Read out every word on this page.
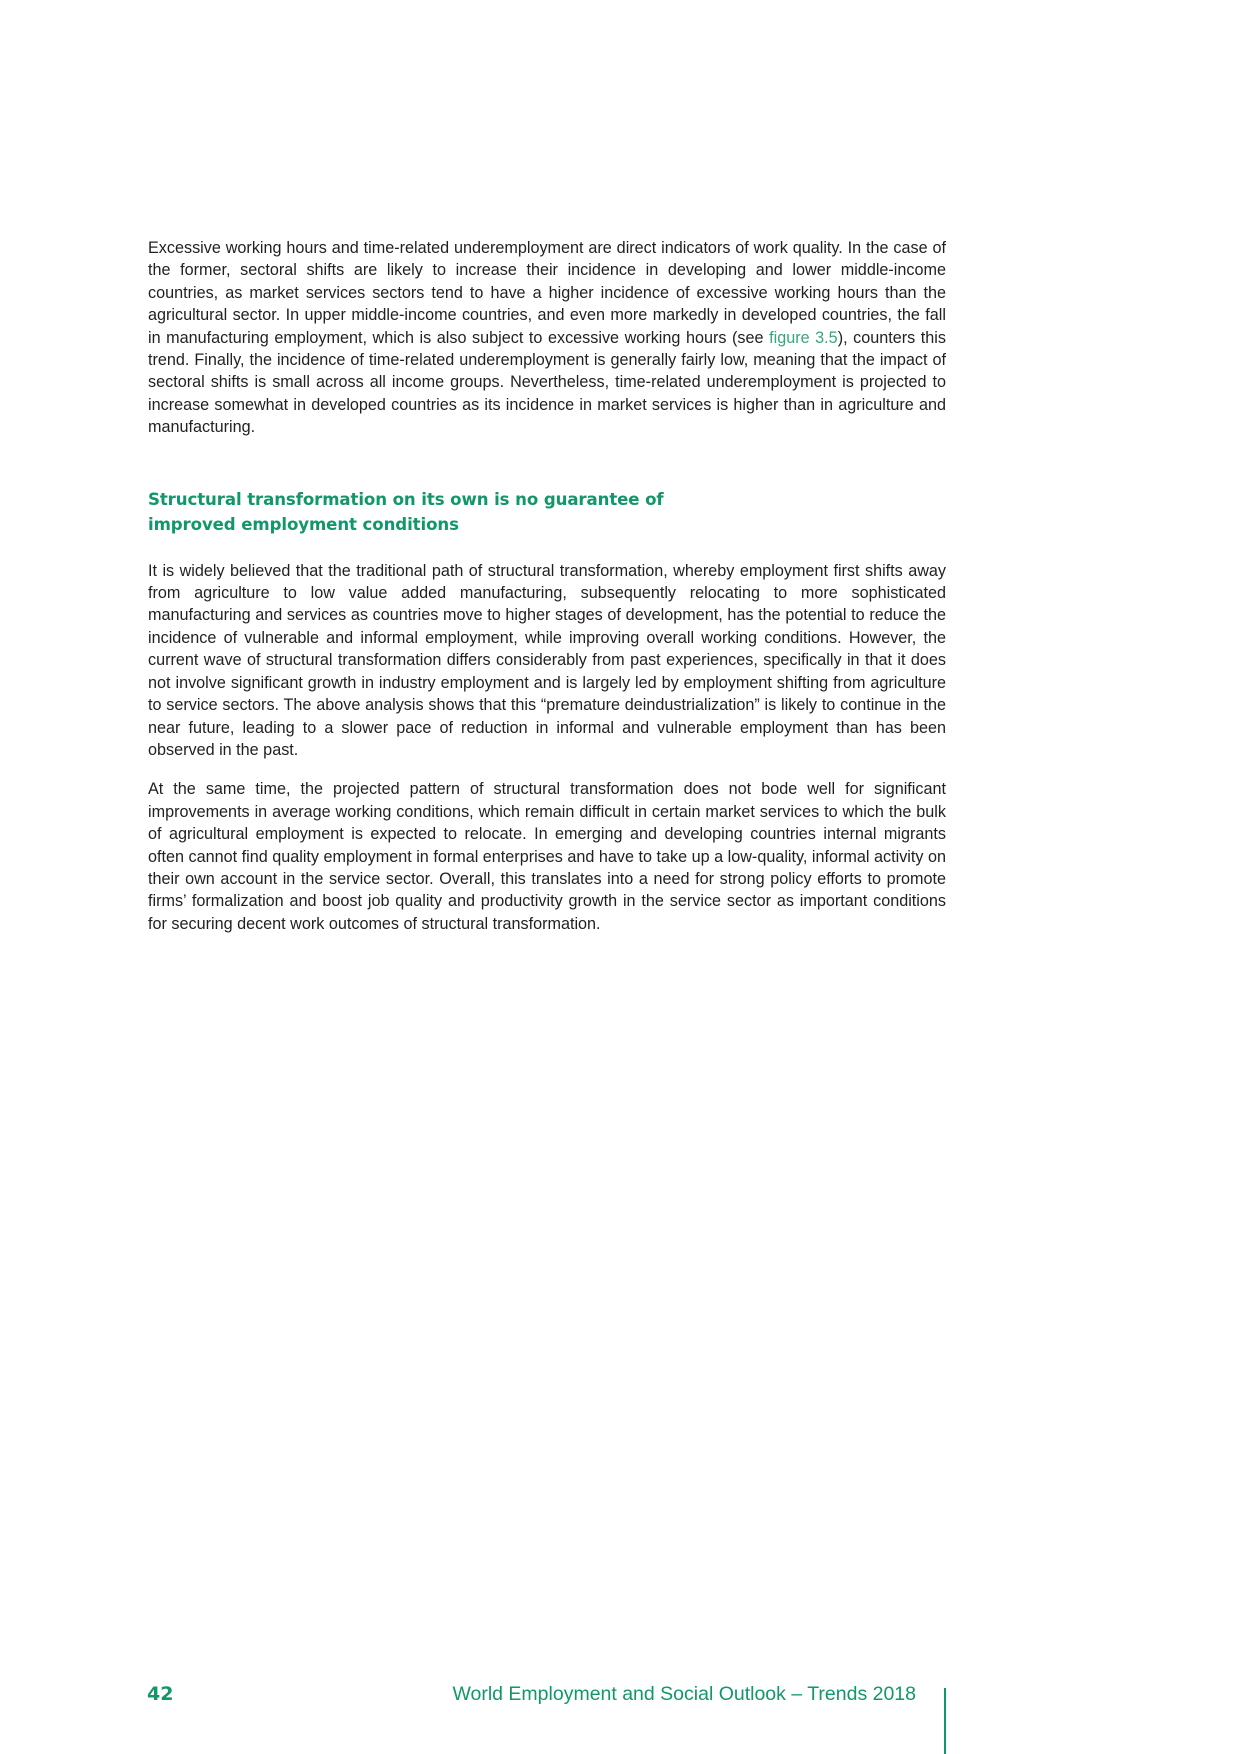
Excessive working hours and time-related underemployment are direct indicators of work quality. In the case of the former, sectoral shifts are likely to increase their incidence in developing and lower middle-income countries, as market services sectors tend to have a higher incidence of excessive working hours than the agricultural sector. In upper middle-income countries, and even more markedly in developed countries, the fall in manufacturing employment, which is also subject to excessive working hours (see figure 3.5), counters this trend. Finally, the incidence of time-related underemployment is generally fairly low, meaning that the impact of sectoral shifts is small across all income groups. Nevertheless, time-related underemployment is projected to increase somewhat in developed countries as its incidence in market services is higher than in agriculture and manufacturing.

Structural transformation on its own is no guarantee of improved employment conditions

It is widely believed that the traditional path of structural transformation, whereby employment first shifts away from agriculture to low value added manufacturing, subsequently relocating to more sophisticated manufacturing and services as countries move to higher stages of development, has the potential to reduce the incidence of vulnerable and informal employment, while improving overall working conditions. However, the current wave of structural transformation differs considerably from past experiences, specifically in that it does not involve significant growth in industry employment and is largely led by employment shifting from agriculture to service sectors. The above analysis shows that this “premature deindustrialization” is likely to continue in the near future, leading to a slower pace of reduction in informal and vulnerable employment than has been observed in the past.

At the same time, the projected pattern of structural transformation does not bode well for significant improvements in average working conditions, which remain difficult in certain market services to which the bulk of agricultural employment is expected to relocate. In emerging and developing countries internal migrants often cannot find quality employment in formal enterprises and have to take up a low-quality, informal activity on their own account in the service sector. Overall, this translates into a need for strong policy efforts to promote firms’ formalization and boost job quality and productivity growth in the service sector as important conditions for securing decent work outcomes of structural transformation.

42	World Employment and Social Outlook – Trends 2018
